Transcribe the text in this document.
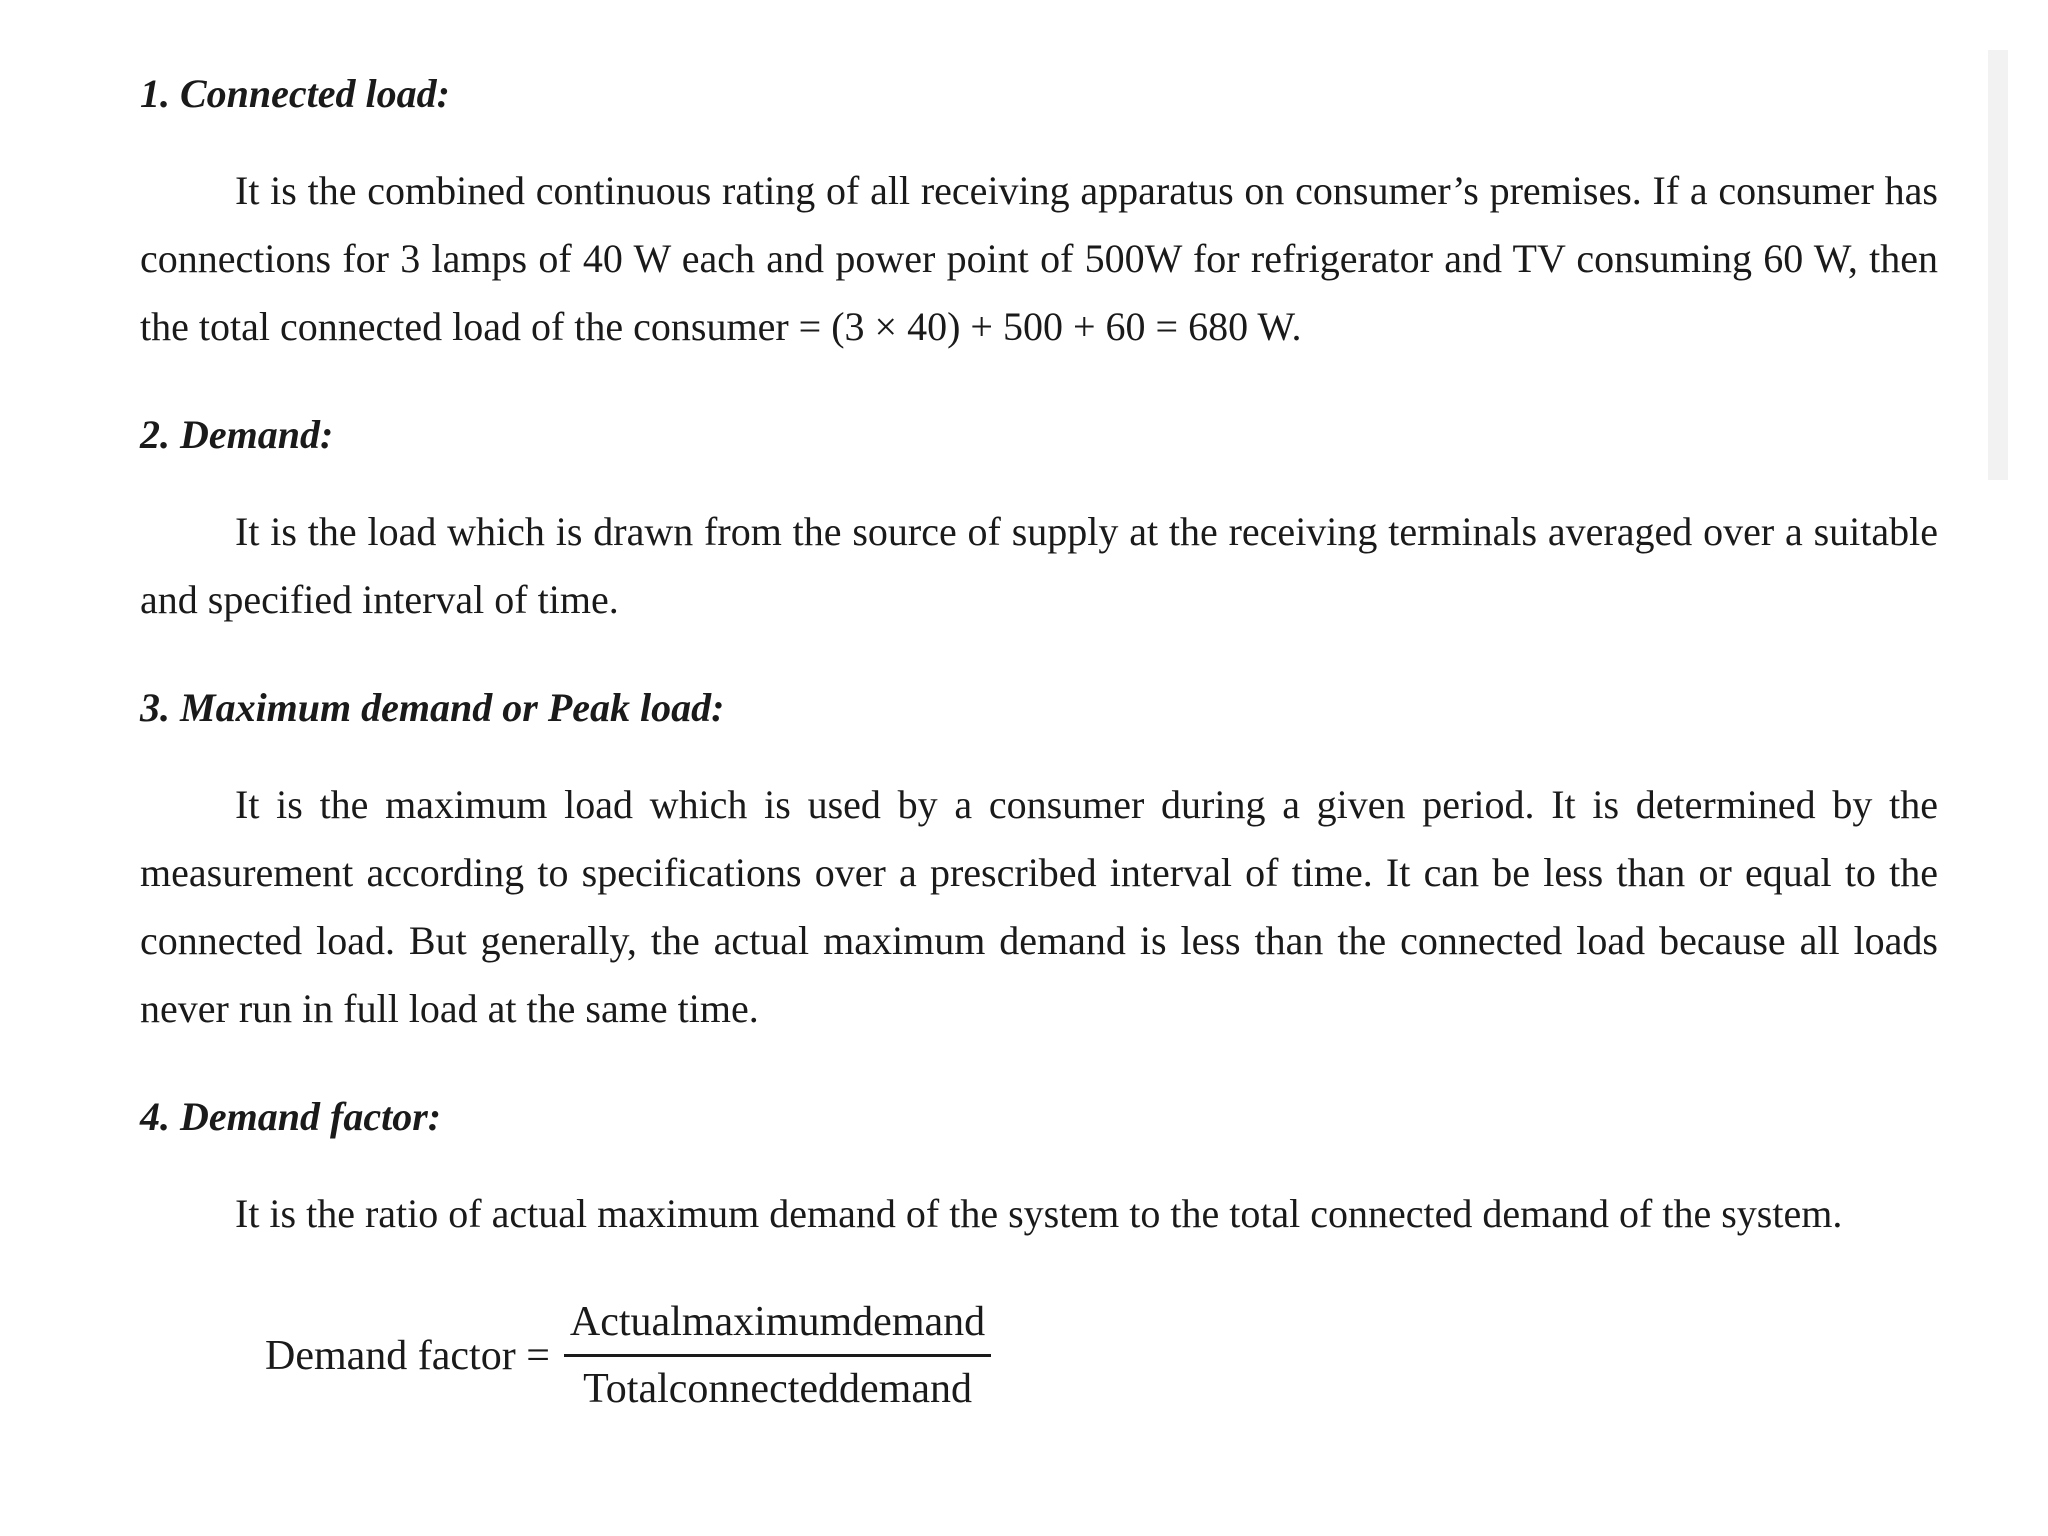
1. Connected load:

It is the combined continuous rating of all receiving apparatus on consumer’s premises. If a consumer has connections for 3 lamps of 40 W each and power point of 500W for refrigerator and TV consuming 60 W, then the total connected load of the consumer = (3 × 40) + 500 + 60 = 680 W.

2. Demand:

It is the load which is drawn from the source of supply at the receiving terminals averaged over a suitable and specified interval of time.

3. Maximum demand or Peak load:

It is the maximum load which is used by a consumer during a given period. It is determined by the measurement according to specifications over a prescribed interval of time. It can be less than or equal to the connected load. But generally, the actual maximum demand is less than the connected load because all loads never run in full load at the same time.

4. Demand factor:

It is the ratio of actual maximum demand of the system to the total connected demand of the system.

Demand factor = $\frac{\text{Actualmaximumdemand}}{\text{Totalconnecteddemand}}$
